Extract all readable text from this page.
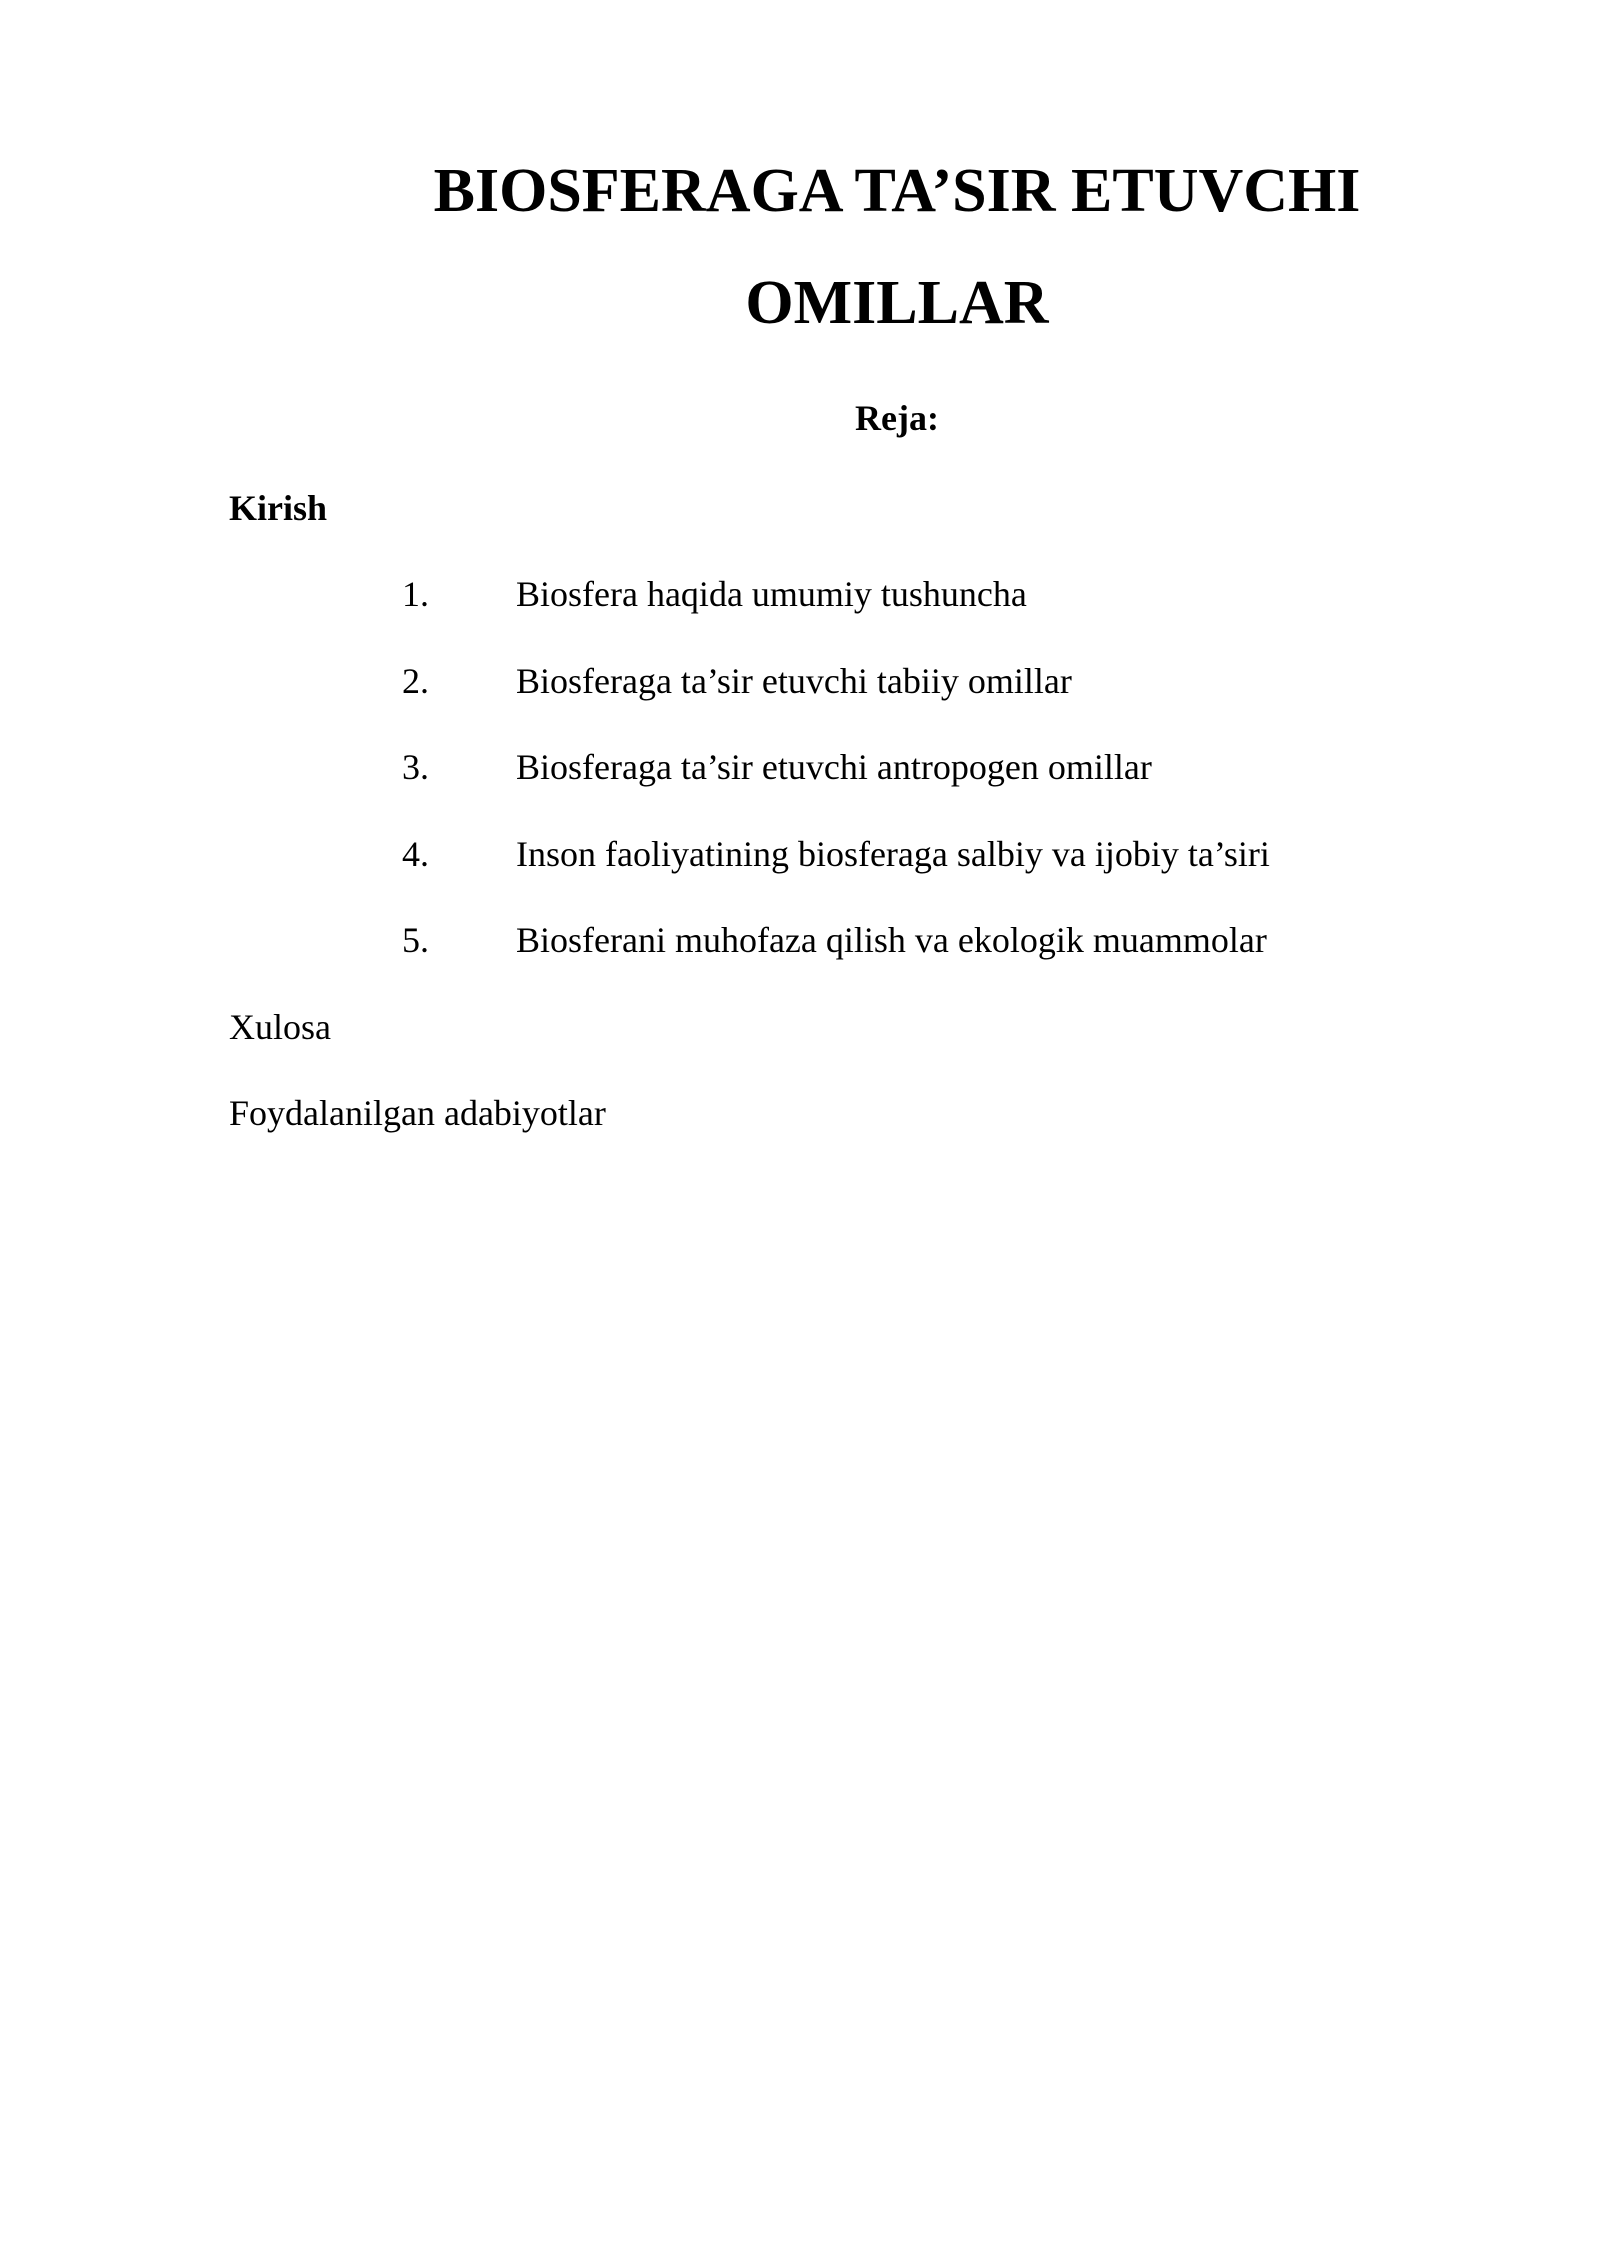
BIOSFERAGA TA’SIR ETUVCHI
OMILLAR

Reja:

Kirish

1. Biosfera haqida umumiy tushuncha
2. Biosferaga ta’sir etuvchi tabiiy omillar
3. Biosferaga ta’sir etuvchi antropogen omillar
4. Inson faoliyatining biosferaga salbiy va ijobiy ta’siri
5. Biosferani muhofaza qilish va ekologik muammolar

Xulosa

Foydalanilgan adabiyotlar
